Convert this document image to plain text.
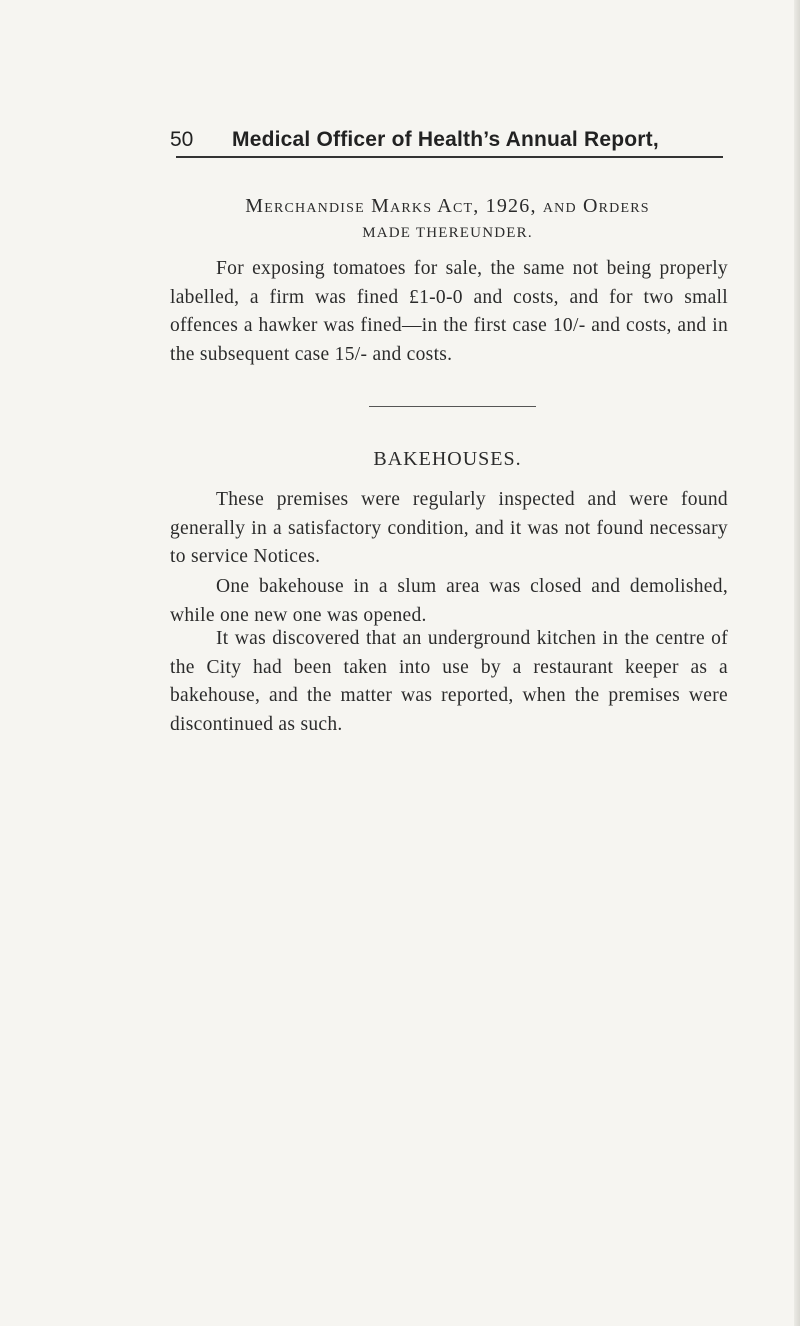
50 Medical Officer of Health’s Annual Report,
Merchandise Marks Act, 1926, and Orders
MADE THEREUNDER.

For exposing tomatoes for sale, the same not being properly labelled, a firm was fined £1-0-0 and costs, and for two small offences a hawker was fined—in the first case 10/- and costs, and in the subsequent case 15/- and costs.

BAKEHOUSES.

These premises were regularly inspected and were found generally in a satisfactory condition, and it was not found necessary to service Notices.

One bakehouse in a slum area was closed and demolished, while one new one was opened.

It was discovered that an underground kitchen in the centre of the City had been taken into use by a restaurant keeper as a bakehouse, and the matter was reported, when the premises were discontinued as such.
